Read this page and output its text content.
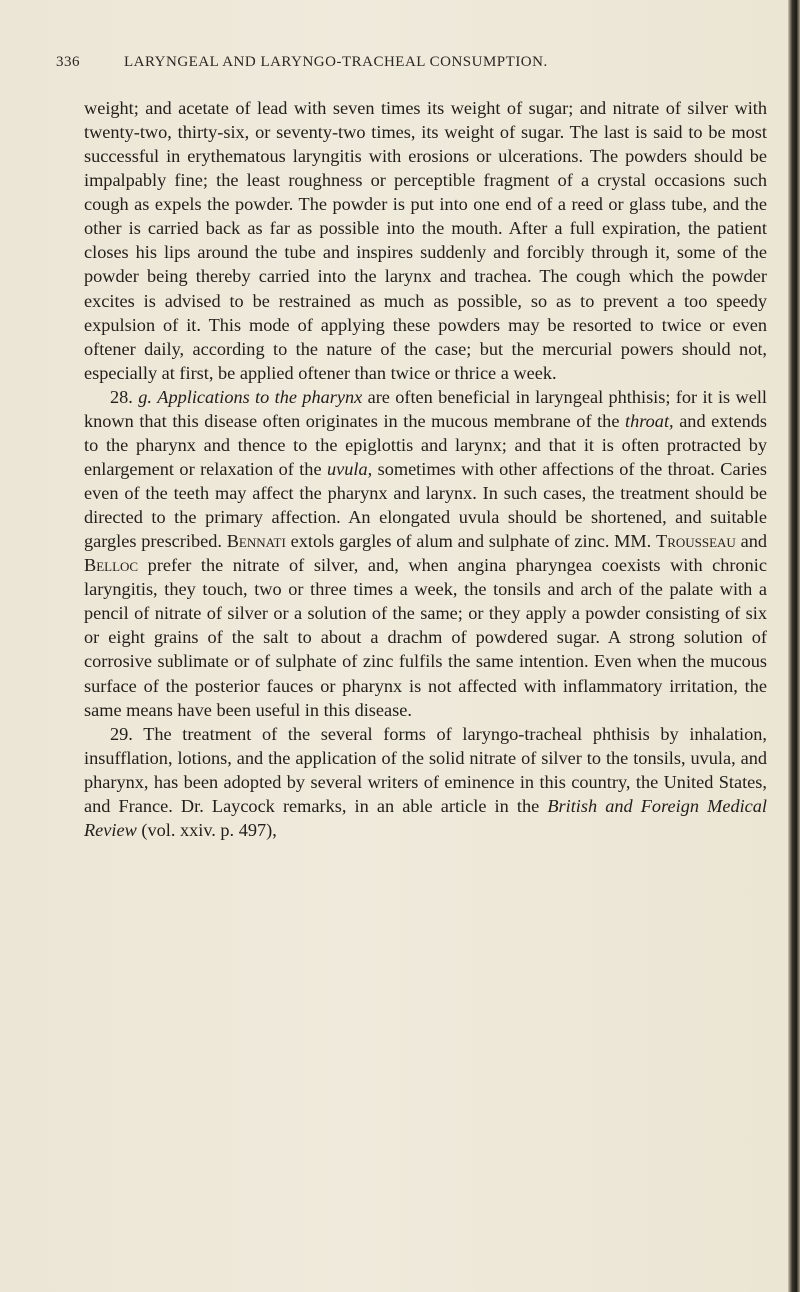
336	LARYNGEAL AND LARYNGO-TRACHEAL CONSUMPTION.

weight; and acetate of lead with seven times its weight of sugar; and nitrate of silver with twenty-two, thirty-six, or seventy-two times, its weight of sugar. The last is said to be most successful in erythematous laryngitis with erosions or ulcerations. The powders should be impalpably fine; the least roughness or perceptible fragment of a crystal occasions such cough as expels the powder. The powder is put into one end of a reed or glass tube, and the other is carried back as far as possible into the mouth. After a full expiration, the patient closes his lips around the tube and inspires suddenly and forcibly through it, some of the powder being thereby carried into the larynx and trachea. The cough which the powder excites is advised to be restrained as much as possible, so as to prevent a too speedy expulsion of it. This mode of applying these powders may be resorted to twice or even oftener daily, according to the nature of the case; but the mercurial powers should not, especially at first, be applied oftener than twice or thrice a week.

28. g. Applications to the pharynx are often beneficial in laryngeal phthisis; for it is well known that this disease often originates in the mucous membrane of the throat, and extends to the pharynx and thence to the epiglottis and larynx; and that it is often protracted by enlargement or relaxation of the uvula, sometimes with other affections of the throat. Caries even of the teeth may affect the pharynx and larynx. In such cases, the treatment should be directed to the primary affection. An elongated uvula should be shortened, and suitable gargles prescribed. Bennati extols gargles of alum and sulphate of zinc. MM. Trousseau and Belloc prefer the nitrate of silver, and, when angina pharyngea coexists with chronic laryngitis, they touch, two or three times a week, the tonsils and arch of the palate with a pencil of nitrate of silver or a solution of the same; or they apply a powder consisting of six or eight grains of the salt to about a drachm of powdered sugar. A strong solution of corrosive sublimate or of sulphate of zinc fulfils the same intention. Even when the mucous surface of the posterior fauces or pharynx is not affected with inflammatory irritation, the same means have been useful in this disease.

29. The treatment of the several forms of laryngo-tracheal phthisis by inhalation, insufflation, lotions, and the application of the solid nitrate of silver to the tonsils, uvula, and pharynx, has been adopted by several writers of eminence in this country, the United States, and France. Dr. Laycock remarks, in an able article in the British and Foreign Medical Review (vol. xxiv. p. 497),
